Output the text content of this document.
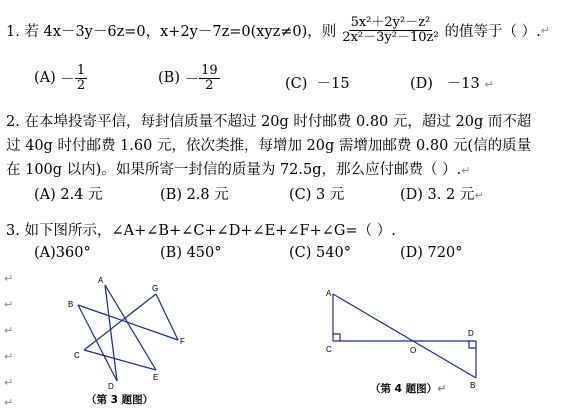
1. 若 4x－3y－6z=0，x+2y－7z=0(xyz≠0)，则 $\frac{\text{5x²＋2y²－z²}}{\text{2x²－3y²－10z²}}$ 的值等于（ ）. ↵
(A)
－ $\frac{1}{2}$	(B)
－ $\frac{19}{2}$	(C) －15	(D) －13 ↵
2. 在本埠投寄平信，每封信质量不超过 20g 时付邮费 0.80 元，超过 20g 而不超
过 40g 时付邮费 1.60 元，依次类推，每增加 20g 需增加邮费 0.80 元(信的质量
在 100g 以内)。如果所寄一封信的质量为 72.5g，那么应付邮费（ ）.↵
(A) 2.4 元	(B) 2.8 元	(C) 3 元	(D) 3. 2 元↵
3. 如下图所示，∠A+∠B+∠C+∠D+∠E+∠F+∠G=（ ）.
(A)360°	(B) 450°	(C) 540°	(D) 720°
↵
↵
↵
↵
↵
↵
A
B
C
D
E
F
G
（第 3 题图）
A
C	O
D
B
（第 4 题图）↵
